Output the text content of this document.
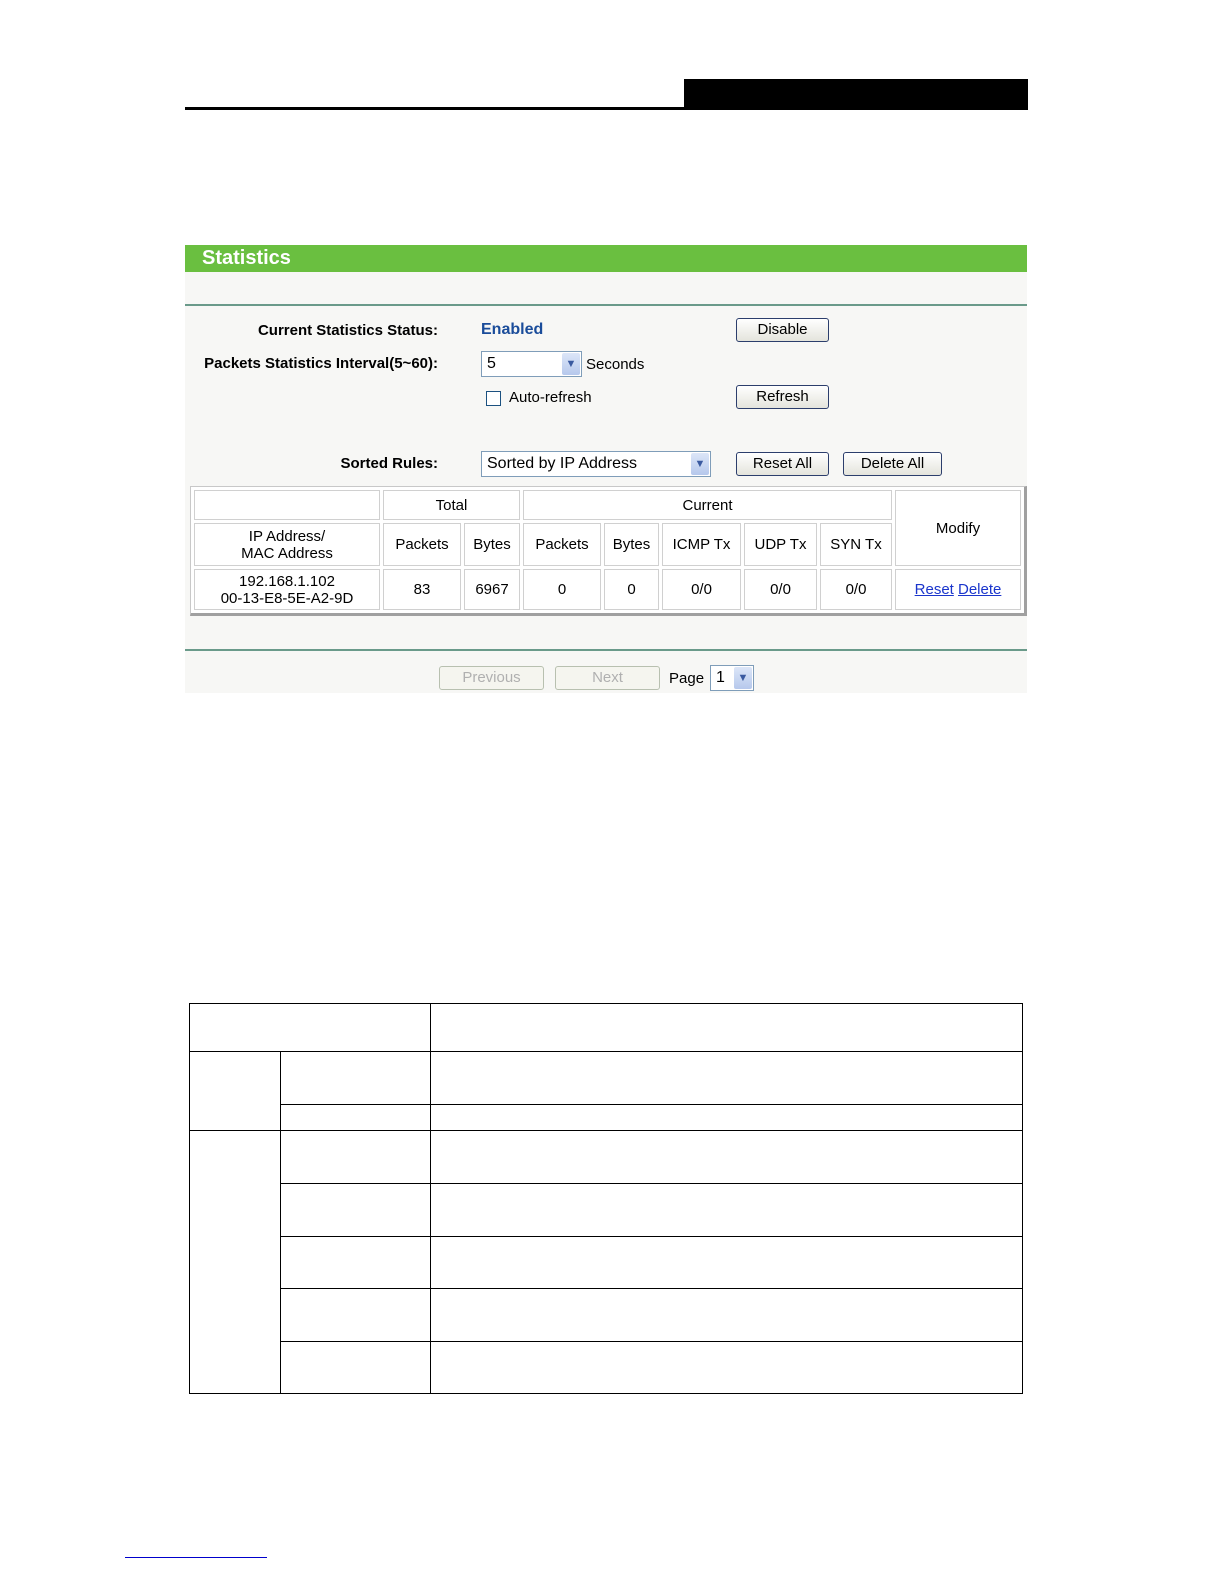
Statistics
Current Statistics Status:	Enabled	Disable
Packets Statistics Interval(5~60):	5	▼ Seconds
Auto-refresh	Refresh
Sorted Rules:	Sorted by IP Address	▼	Reset All	Delete All
	Total		Current					Modify

IP Address/
MAC Address	Packets	Bytes	Packets	Bytes	ICMP Tx	UDP Tx	SYN Tx	

192.168.1.102
00-13-E8-5E-A2-9D	83	6967	0	0	0/0	0/0	0/0	Reset Delete
Previous	Next	Page 1	▼
